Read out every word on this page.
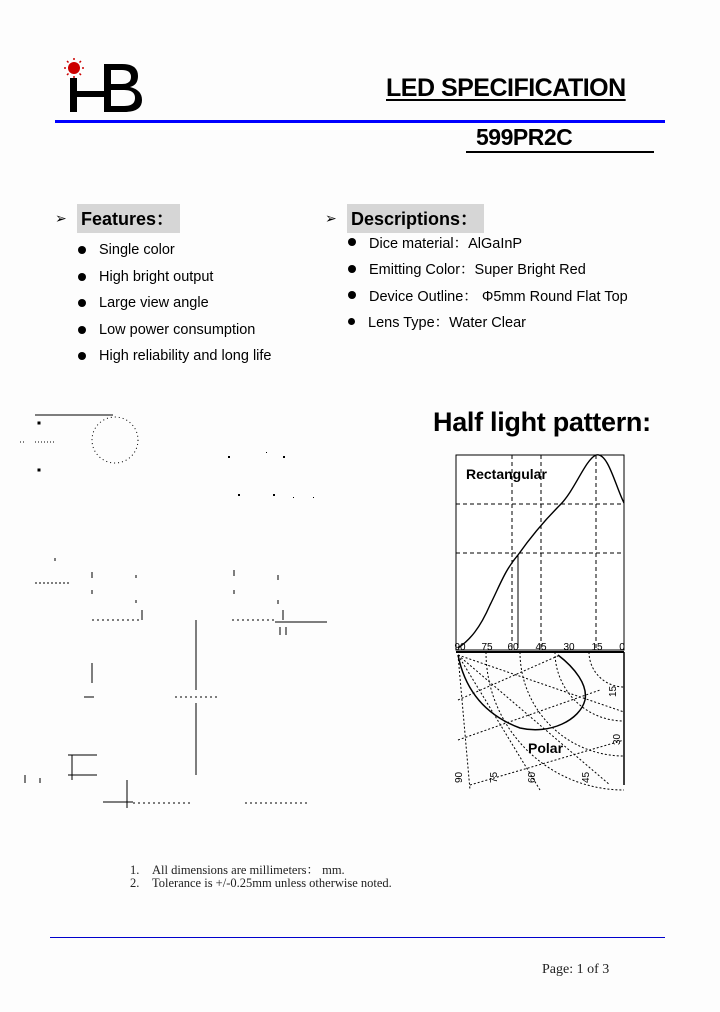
LED SPECIFICATION
599PR2C
➢ Features：
Single color
High bright output
Large view angle
Low power consumption
High reliability and long life
➢ Descriptions：
Dice material：AlGaInP
Emitting Color：Super Bright Red
Device Outline： Φ5mm Round Flat Top
Lens Type：Water Clear
Half light pattern:
Rectangular
90 75 60 45 30 15 0
Polar
15
30
90 75	60	45
1. All dimensions are millimeters： mm.
2. Tolerance is +/-0.25mm unless otherwise noted.
Page: 1 of 3
